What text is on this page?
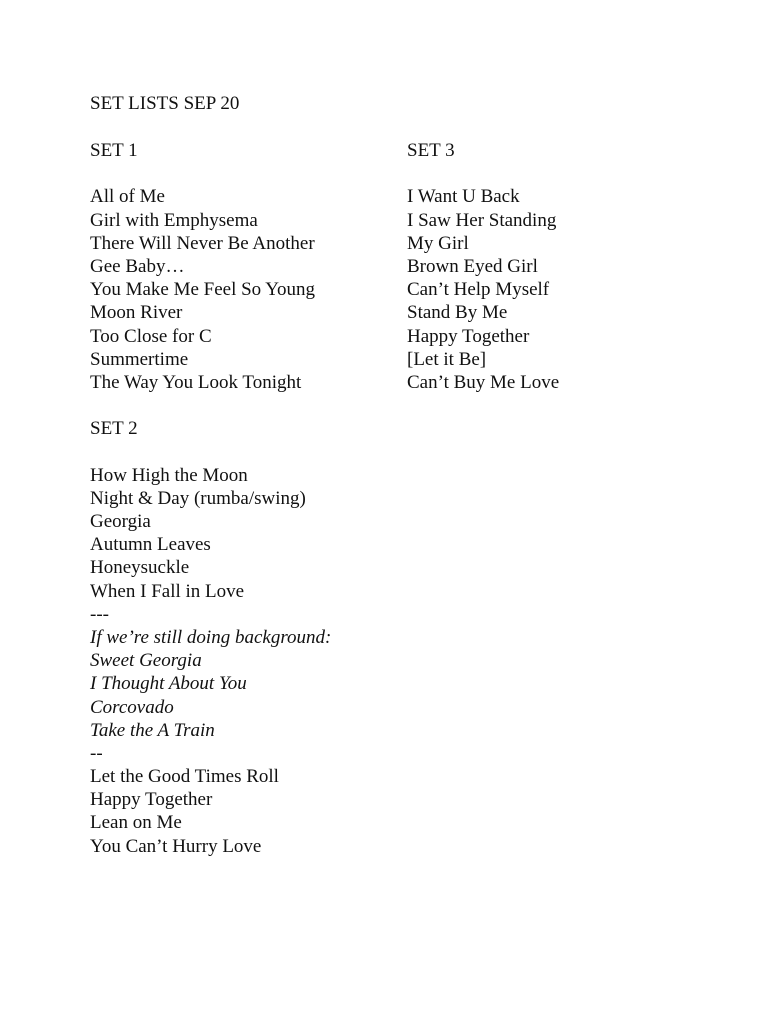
SET LISTS SEP 20
SET 1
All of Me
Girl with Emphysema
There Will Never Be Another
Gee Baby…
You Make Me Feel So Young
Moon River
Too Close for C
Summertime
The Way You Look Tonight
SET 2
How High the Moon
Night & Day (rumba/swing)
Georgia
Autumn Leaves
Honeysuckle
When I Fall in Love
---
If we’re still doing background:
Sweet Georgia
I Thought About You
Corcovado
Take the A Train
--
Let the Good Times Roll
Happy Together
Lean on Me
You Can’t Hurry Love
SET 3
I Want U Back
I Saw Her Standing
My Girl
Brown Eyed Girl
Can’t Help Myself
Stand By Me
Happy Together
[Let it Be]
Can’t Buy Me Love
